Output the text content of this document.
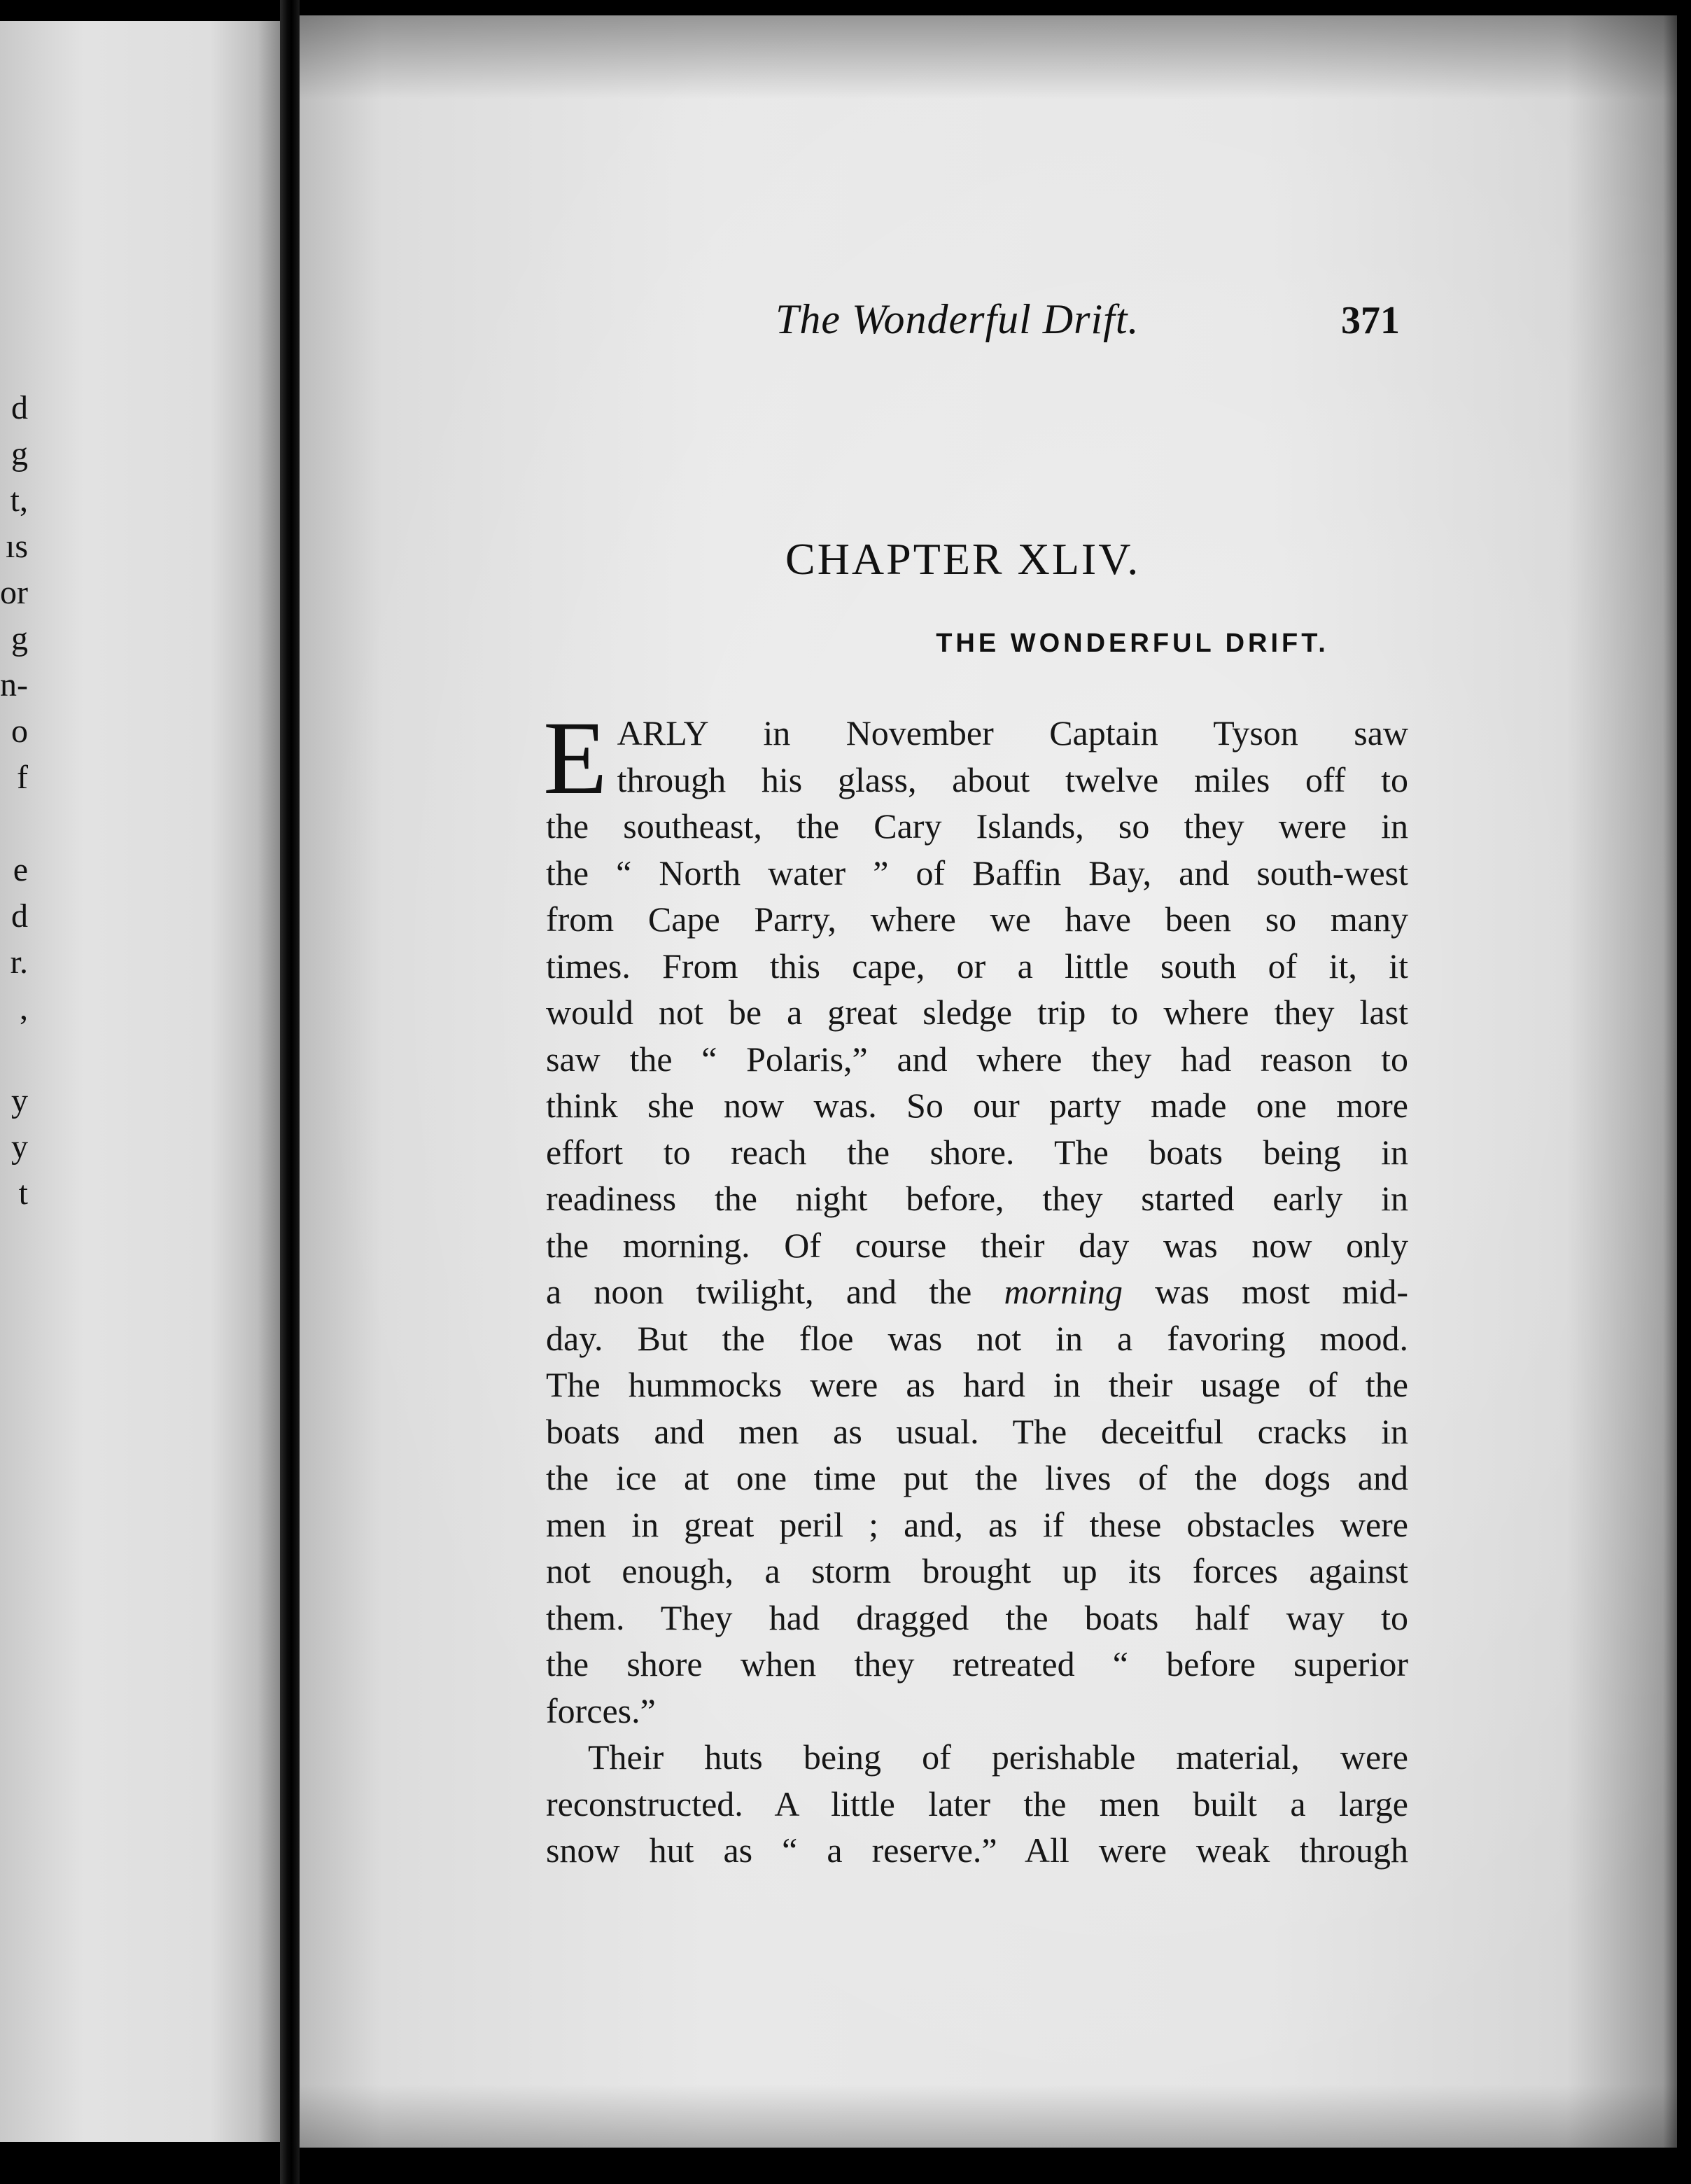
d
g
t,
ıs
or
g
n-
o
f
e
d
r.
,
y
y
t
The Wonderful Drift.	371
CHAPTER XLIV.
THE WONDERFUL DRIFT.
E ARLY in November Captain Tyson saw
through his glass, about twelve miles off to
the southeast, the Cary Islands, so they were in
the “ North water ” of Baffin Bay, and south-west
from Cape Parry, where we have been so many
times. From this cape, or a little south of it, it
would not be a great sledge trip to where they last
saw the “ Polaris,” and where they had reason to
think she now was. So our party made one more
effort to reach the shore. The boats being in
readiness the night before, they started early in
the morning. Of course their day was now only
a noon twilight, and the morning was most mid-
day. But the floe was not in a favoring mood.
The hummocks were as hard in their usage of the
boats and men as usual. The deceitful cracks in
the ice at one time put the lives of the dogs and
men in great peril ; and, as if these obstacles were
not enough, a storm brought up its forces against
them. They had dragged the boats half way to
the shore when they retreated “ before superior
forces.”
Their huts being of perishable material, were
reconstructed. A little later the men built a large
snow hut as “ a reserve.” All were weak through
